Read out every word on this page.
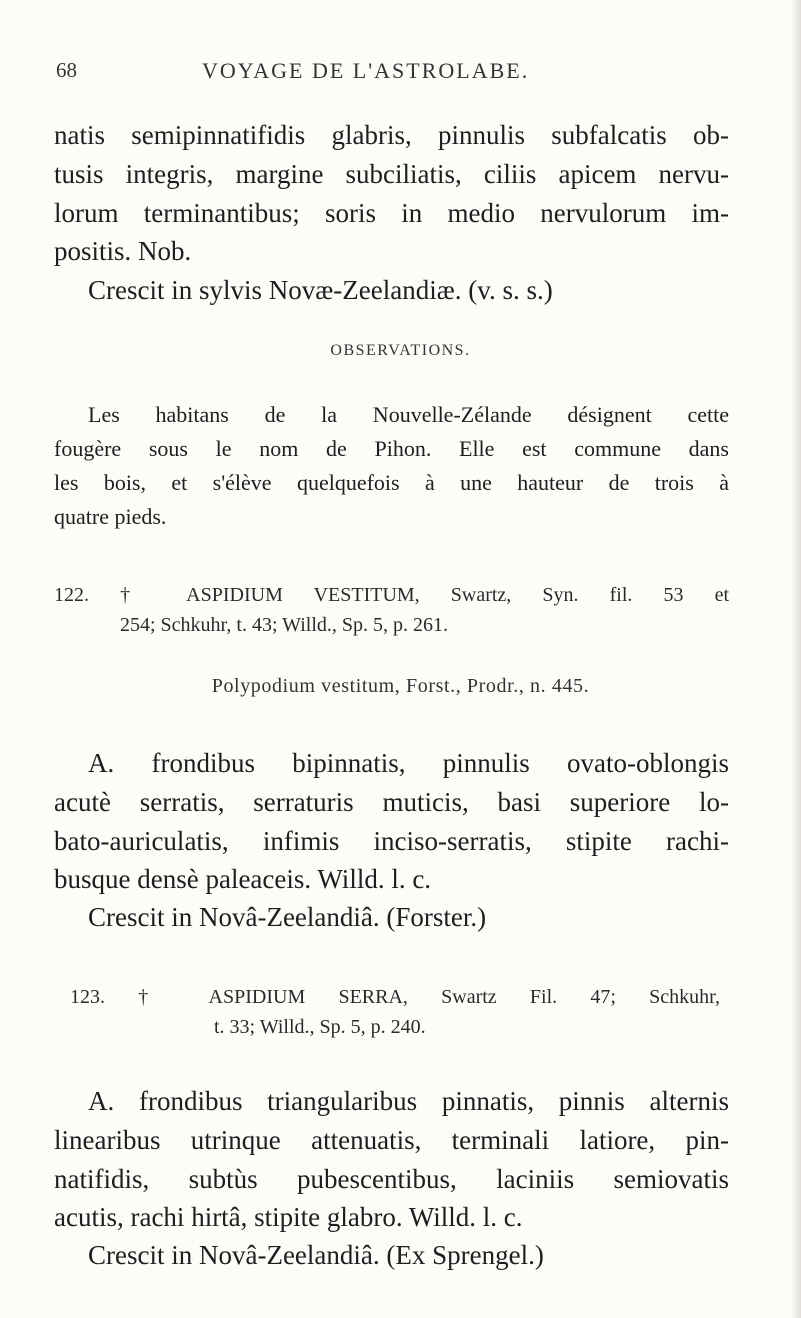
68	VOYAGE DE L'ASTROLABE.
natis semipinnatifidis glabris, pinnulis subfalcatis ob-
tusis integris, margine subciliatis, ciliis apicem nervu-
lorum terminantibus; soris in medio nervulorum im-
positis. Nob.
Crescit in sylvis Novæ-Zeelandiæ. (v. s. s.)
OBSERVATIONS.
Les habitans de la Nouvelle-Zélande désignent cette
fougère sous le nom de Pihon. Elle est commune dans
les bois, et s'élève quelquefois à une hauteur de trois à
quatre pieds.
122. † ASPIDIUM VESTITUM, Swartz, Syn. fil. 53 et
254; Schkuhr, t. 43; Willd., Sp. 5, p. 261.
Polypodium vestitum, Forst., Prodr., n. 445.
A. frondibus bipinnatis, pinnulis ovato-oblongis
acutè serratis, serraturis muticis, basi superiore lo-
bato-auriculatis, infimis inciso-serratis, stipite rachi-
busque densè paleaceis. Willd. l. c.
Crescit in Novâ-Zeelandiâ. (Forster.)
123. † ASPIDIUM SERRA, Swartz Fil. 47; Schkuhr,
t. 33; Willd., Sp. 5, p. 240.
A. frondibus triangularibus pinnatis, pinnis alternis
linearibus utrinque attenuatis, terminali latiore, pin-
natifidis, subtùs pubescentibus, laciniis semiovatis
acutis, rachi hirtâ, stipite glabro. Willd. l. c.
Crescit in Novâ-Zeelandiâ. (Ex Sprengel.)
